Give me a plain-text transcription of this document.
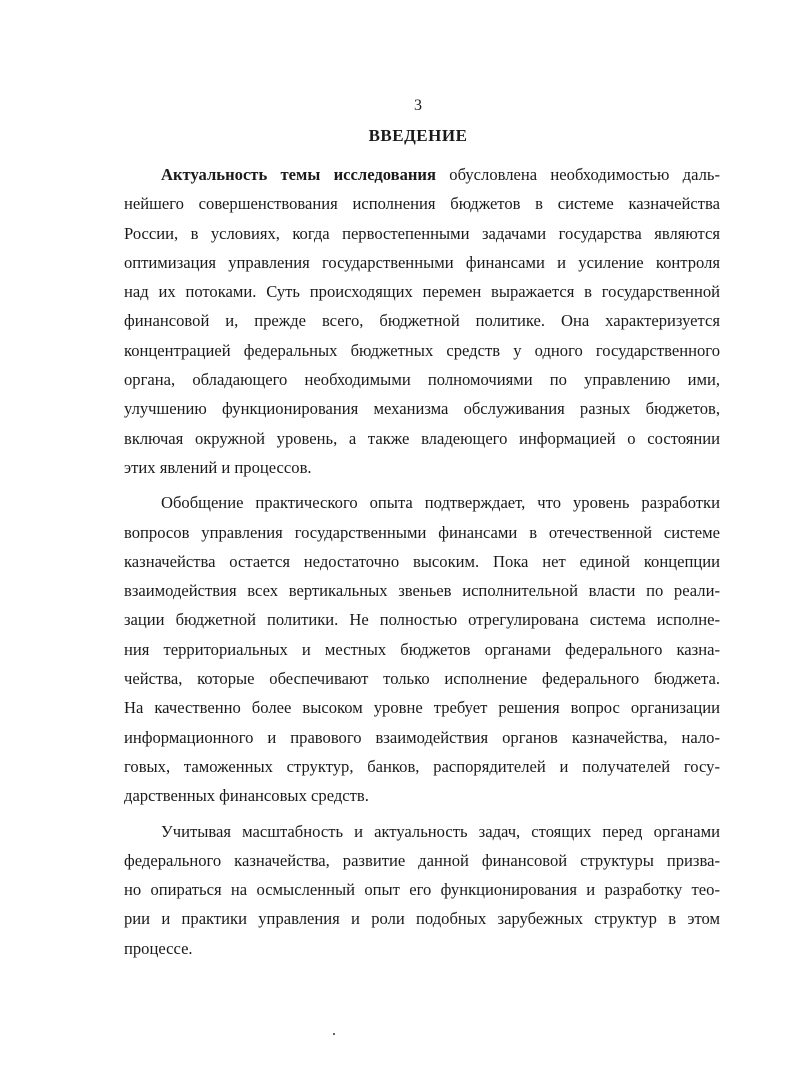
3
ВВЕДЕНИЕ
Актуальность темы исследования обусловлена необходимостью даль-
нейшего совершенствования исполнения бюджетов в системе казначейства
России, в условиях, когда первостепенными задачами государства являются
оптимизация управления государственными финансами и усиление контроля
над их потоками. Суть происходящих перемен выражается в государственной
финансовой и, прежде всего, бюджетной политике. Она характеризуется
концентрацией федеральных бюджетных средств у одного государственного
органа, обладающего необходимыми полномочиями по управлению ими,
улучшению функционирования механизма обслуживания разных бюджетов,
включая окружной уровень, а также владеющего информацией о состоянии
этих явлений и процессов.
Обобщение практического опыта подтверждает, что уровень разработки
вопросов управления государственными финансами в отечественной системе
казначейства остается недостаточно высоким. Пока нет единой концепции
взаимодействия всех вертикальных звеньев исполнительной власти по реали-
зации бюджетной политики. Не полностью отрегулирована система исполне-
ния территориальных и местных бюджетов органами федерального казна-
чейства, которые обеспечивают только исполнение федерального бюджета.
На качественно более высоком уровне требует решения вопрос организации
информационного и правового взаимодействия органов казначейства, нало-
говых, таможенных структур, банков, распорядителей и получателей госу-
дарственных финансовых средств.
Учитывая масштабность и актуальность задач, стоящих перед органами
федерального казначейства, развитие данной финансовой структуры призва-
но опираться на осмысленный опыт его функционирования и разработку тео-
рии и практики управления и роли подобных зарубежных структур в этом
процессе.
